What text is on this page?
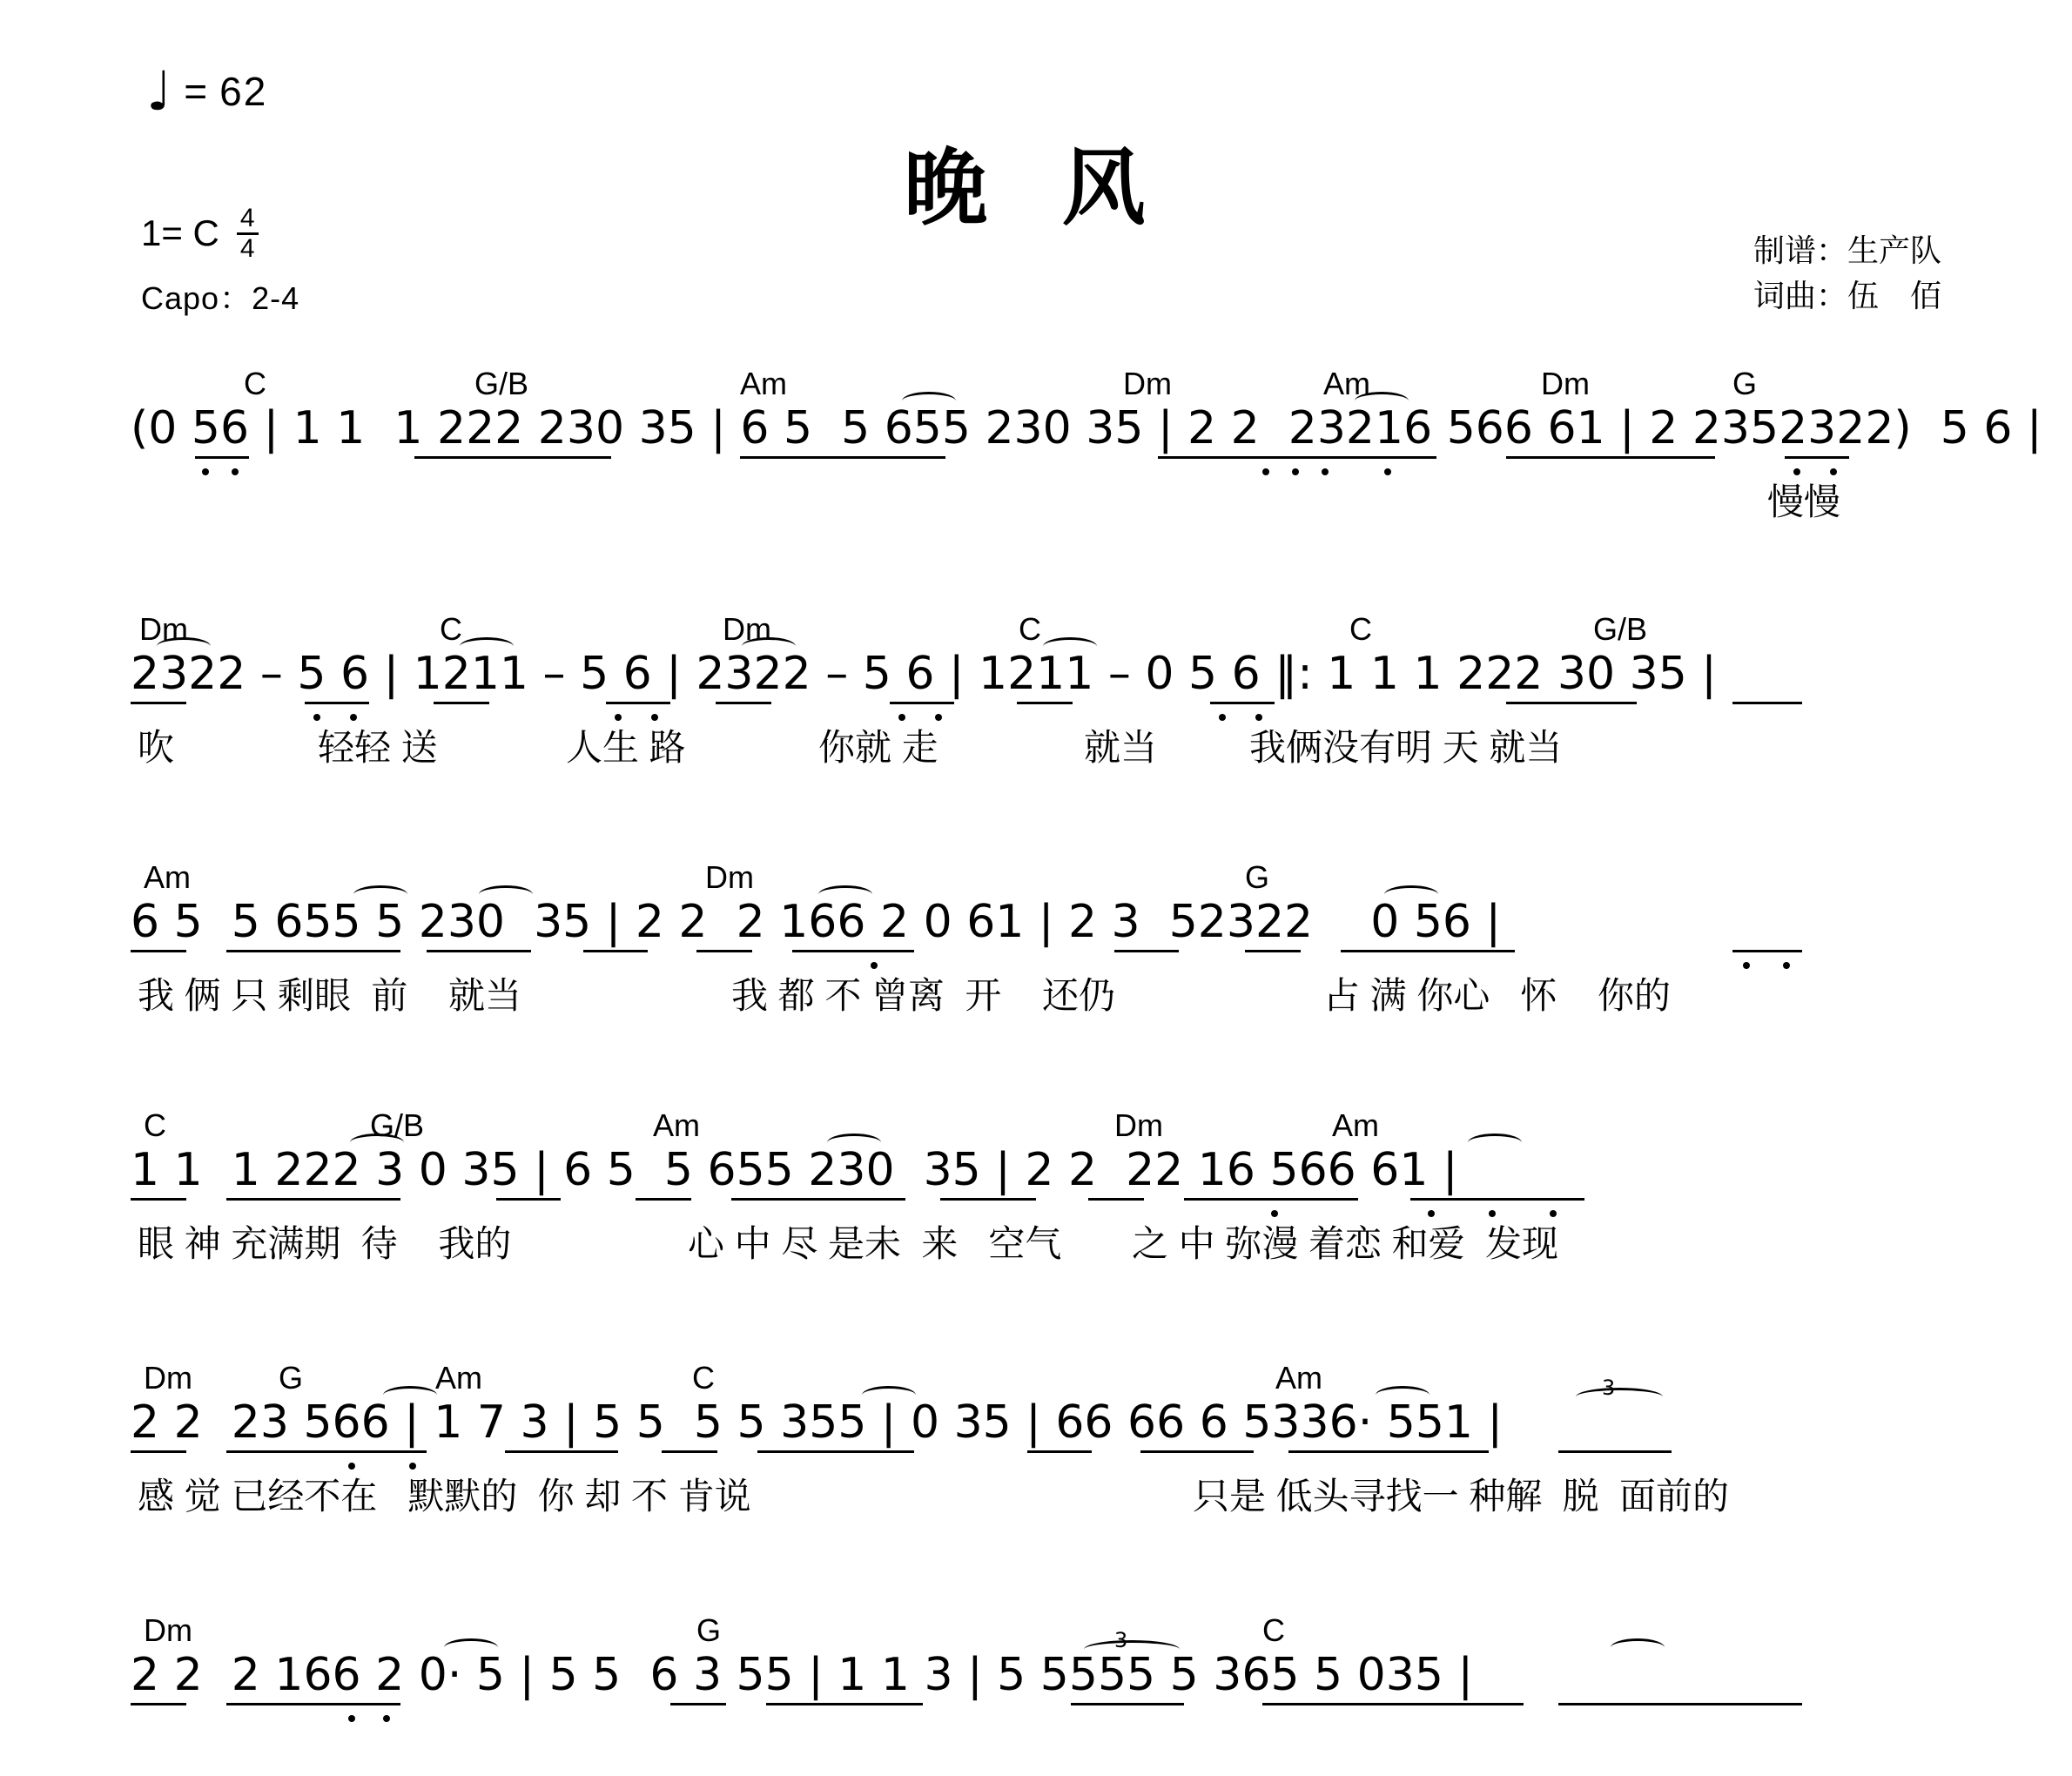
♩ = 62
1= C $\frac{4}{4}$
Capo：2-4
晚 风
制谱：生产队
词曲：伍　佰
C	G/B	Am	Dm	Am	Dm	G
(0 56 | 1 1  1 222 230 35 | 6 5  5 655 230 35 | 2 2  23216 566 61 | 2 2352322)  5 6 |
慢慢
Dm	C	Dm	C	C	G/B
2322 – 5 6 | 1211 – 5 6 | 2322 – 5 6 | 1211 – 0 5 6 ‖: 1 1 1 222 30 35 |
吹	轻轻 送	人生 路	你就 走	就当	我俩没有明 天 就当
Am	Dm	G
6 5  5 655 5 230  35 | 2 2  2 166 2 0 61 | 2 3  52322    0 56 |
我 俩 只 剩眼  前    就当	我 都 不 曾离  开    还仍	占 满 你心   怀    你的
C	G/B	Am	Dm	Am
1 1  1 222 3 0 35 | 6 5  5 655 230  35 | 2 2  22 16 566 61 |
眼 神 充满期  待    我的	心 中 尽 是未  来   空气 之 中 弥漫 着恋 和爱  发现
Dm	G	Am	C	Am
2 2  23 566 | 1 7 3 | 5 5  5 5 355 | 0 35 | 66 66 6 5336· 551 |
3
感 觉 已经不在   默默的  你 却 不 肯说	只是 低头寻找一 种解  脱  面前的
Dm	G	C
2 2  2 166 2 0· 5 | 5 5  6 3 55 | 1 1 3 | 5 5555 5 365 5 035 |
3
